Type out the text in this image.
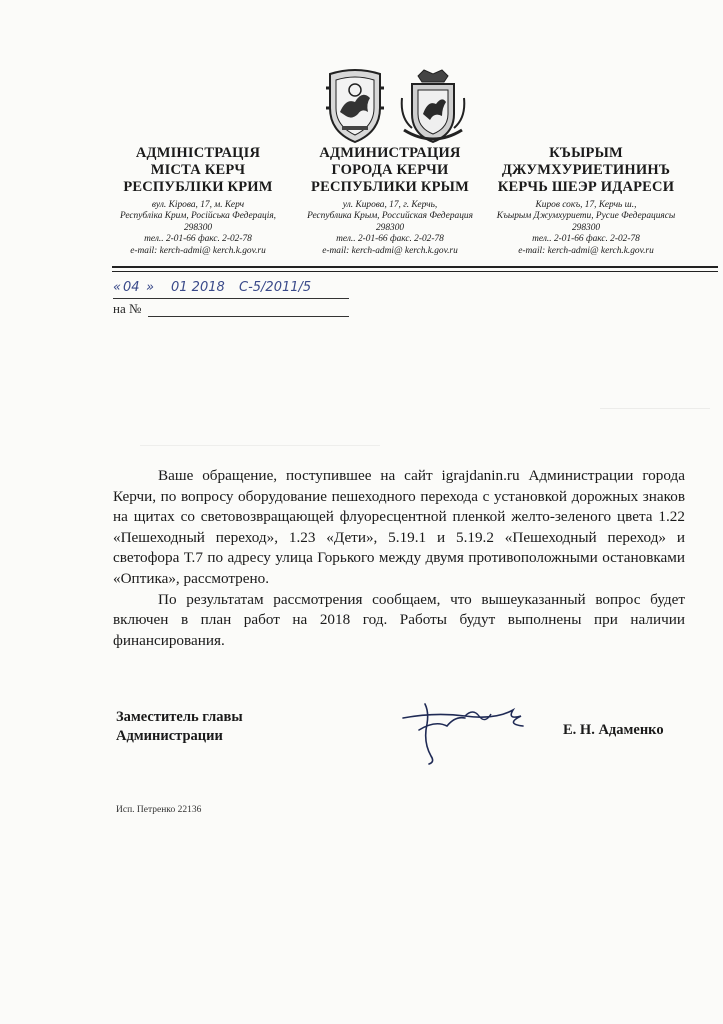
АДМІНІСТРАЦІЯ
МІСТА КЕРЧ
РЕСПУБЛІКИ КРИМ
вул. Кірова, 17, м. Керч
Республіка Крим, Російська Федерація,
298300
тел.. 2-01-66 факс. 2-02-78
e-mail: kerch-admi@ kerch.k.gov.ru
АДМИНИСТРАЦИЯ
ГОРОДА КЕРЧИ
РЕСПУБЛИКИ КРЫМ
ул. Кирова, 17, г. Керчь,
Республика Крым, Российская Федерация
298300
тел.. 2-01-66 факс. 2-02-78
e-mail: kerch-admi@ kerch.k.gov.ru
КЪЫРЫМ
ДЖУМХУРИЕТИНИНЪ
КЕРЧЬ ШЕЭР ИДАРЕСИ
Киров сокъ, 17, Керчь ш.,
Къырым Джумхуриети, Русие Федерациясы
298300
тел.. 2-01-66 факс. 2-02-78
e-mail: kerch-admi@ kerch.k.gov.ru
« 04 » 01 2018 С-5/2011/5
на №

Ваше обращение, поступившее на сайт igrajdanin.ru Администрации города Керчи, по вопросу оборудование пешеходного перехода с установкой дорожных знаков на щитах со световозвращающей флуоресцентной пленкой желто-зеленого цвета 1.22 «Пешеходный переход», 1.23 «Дети», 5.19.1 и 5.19.2 «Пешеходный переход» и светофора Т.7 по адресу улица Горького между двумя противоположными остановками «Оптика», рассмотрено.

По результатам рассмотрения сообщаем, что вышеуказанный вопрос будет включен в план работ на 2018 год. Работы будут выполнены при наличии финансирования.

Заместитель главы
Администрации	Е. Н. Адаменко
Исп. Петренко 22136
